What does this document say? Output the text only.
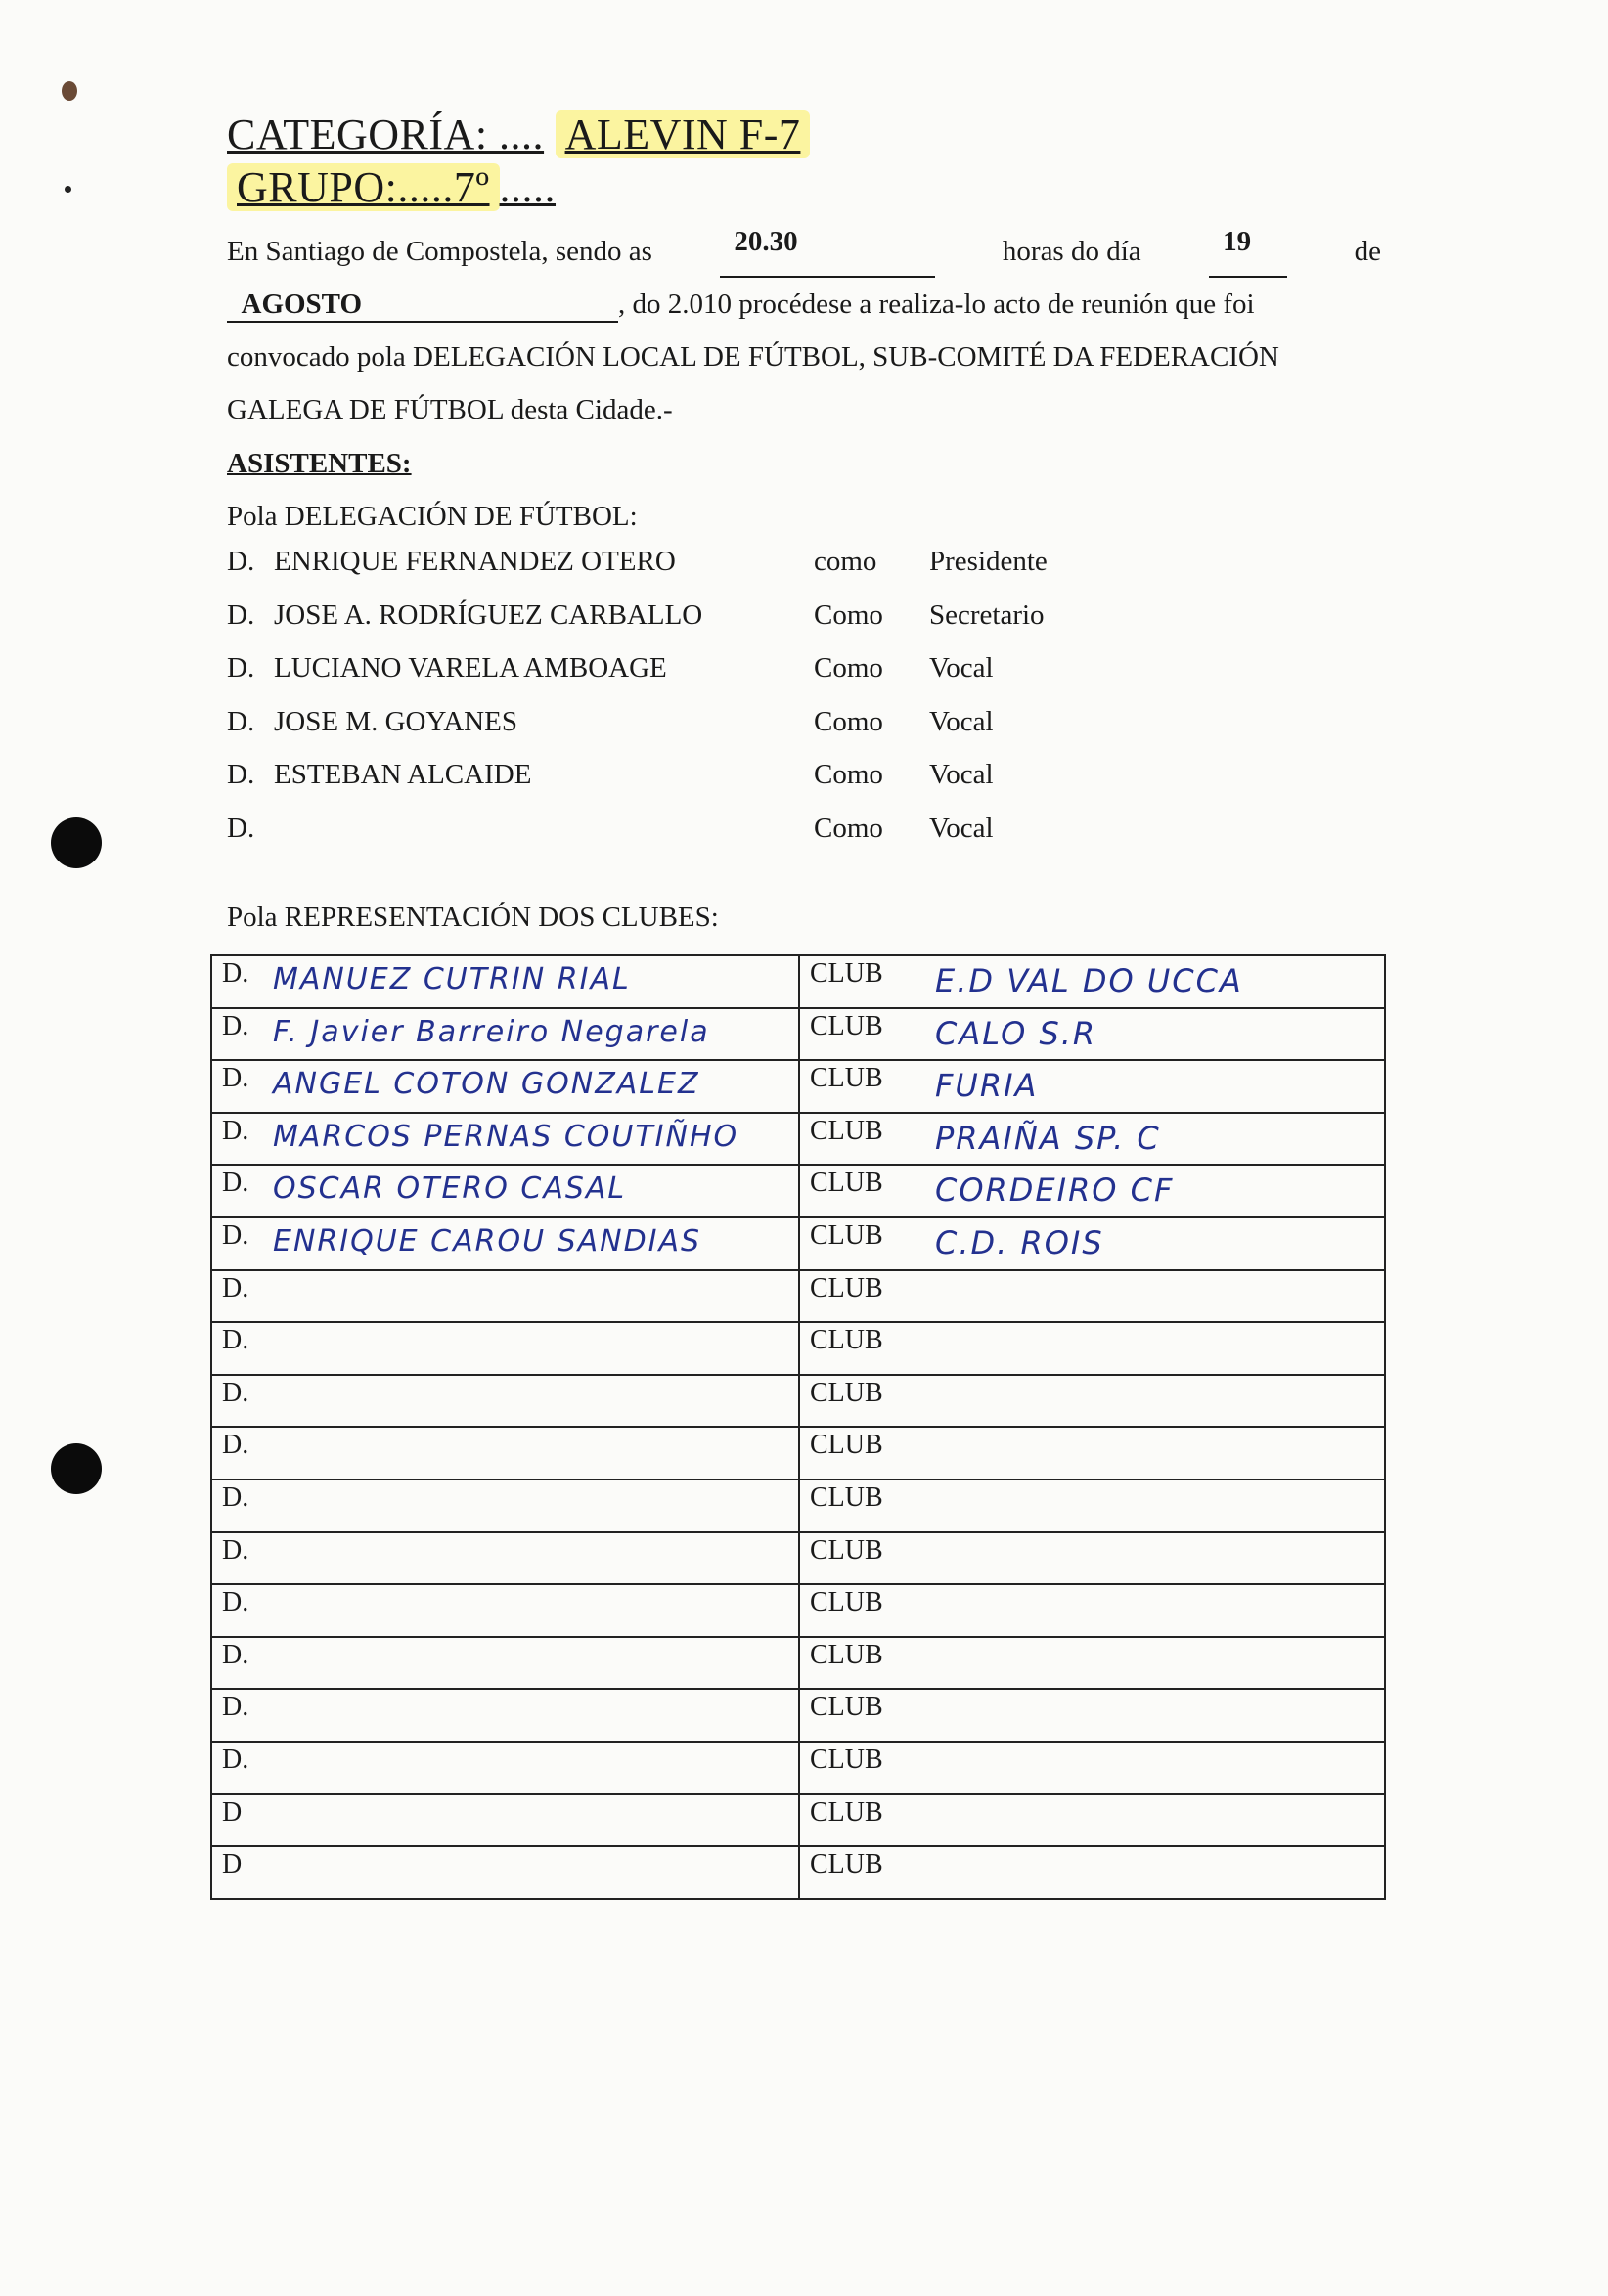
CATEGORÍA: .... ALEVIN F-7
GRUPO:.....7º .....
En Santiago de Compostela, sendo as	20.30	horas do día	19	de
AGOSTO	, do 2.010 procédese a realiza-lo acto de reunión que foi
convocado pola DELEGACIÓN LOCAL DE FÚTBOL, SUB-COMITÉ DA FEDERACIÓN
GALEGA DE FÚTBOL desta Cidade.-
ASISTENTES:
Pola DELEGACIÓN DE FÚTBOL:
D. ENRIQUE FERNANDEZ OTERO	como Presidente
D. JOSE A. RODRÍGUEZ CARBALLO	Como Secretario
D. LUCIANO VARELA AMBOAGE	Como Vocal
D. JOSE M. GOYANES	Como Vocal
D. ESTEBAN ALCAIDE	Como Vocal
D.	Como Vocal
Pola REPRESENTACIÓN DOS CLUBES:
D. MANUEZ CUTRIN RIAL	CLUB E.D VAL DO UCCA

D. F. Javier Barreiro Negarela	CLUB CALO S.R

D. ANGEL COTON GONZALEZ	CLUB FURIA

D. MARCOS PERNAS COUTIÑHO	CLUB PRAIÑA SP. C

D. OSCAR OTERO CASAL	CLUB CORDEIRO CF

D. ENRIQUE CAROU SANDIAS	CLUB C.D. ROIS

D.	CLUB

D.	CLUB

D.	CLUB

D.	CLUB

D.	CLUB

D.	CLUB

D.	CLUB

D.	CLUB

D.	CLUB

D.	CLUB

D	CLUB

D	CLUB
